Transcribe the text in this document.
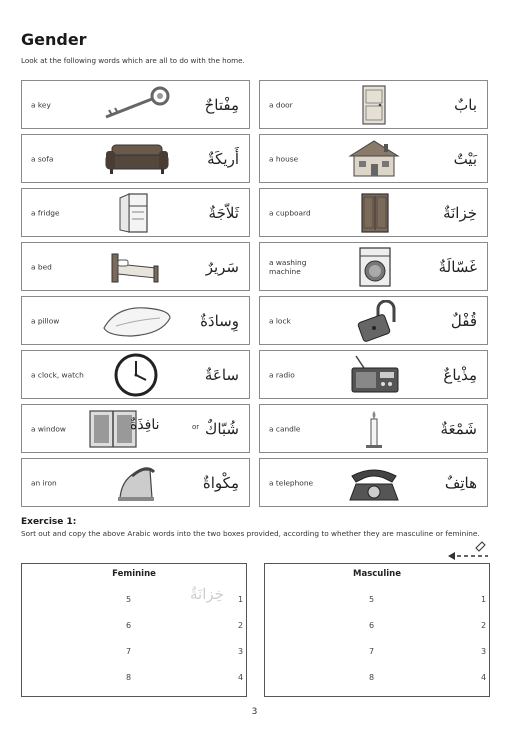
Gender
Look at the following words which are all to do with the home.
a key	مِفْتاحٌ	a door	بابٌ
a sofa	أَريكَةٌ	a house	بَيْتٌ
a fridge	ثَلاّجَةٌ	a cupboard	خِزانَةٌ
a bed	سَريرٌ	a washing machine	غَسّالَةٌ
a pillow	وِسادَةٌ	a lock	قُفْلٌ
a clock, watch	ساعَةٌ	a radio	مِذْياعٌ
a window	نافِذَةٌ	or شُبّاكٌ	a candle	شَمْعَةٌ
an iron	مِكْواةٌ	a telephone	هاتِفٌ
Exercise 1:
Sort out and copy the above Arabic words into the two boxes provided, according to whether they are masculine or feminine.
Feminine
خِزانَةٌ
5
6
7
8
1
2
3
4
Masculine
5
6
7
8
1
2
3
4
3
